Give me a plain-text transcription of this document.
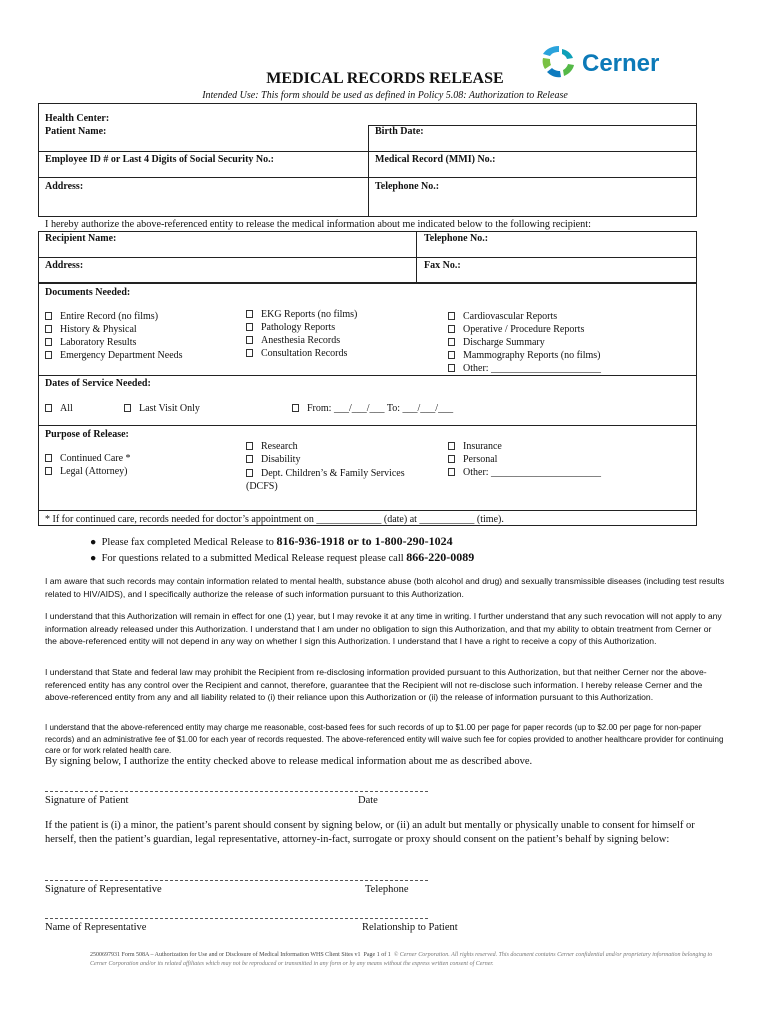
Cerner
MEDICAL RECORDS RELEASE
Intended Use: This form should be used as defined in Policy 5.08: Authorization to Release
Health Center:
Patient Name:	Birth Date:
Employee ID # or Last 4 Digits of Social Security No.:	Medical Record (MMI) No.:
Address:	Telephone No.:
I hereby authorize the above-referenced entity to release the medical information about me indicated below to the following recipient:
Recipient Name:	Telephone No.:
Address:	Fax No.:
Documents Needed:
Entire Record (no films)
History & Physical
Laboratory Results
Emergency Department Needs
EKG Reports (no films)
Pathology Reports
Anesthesia Records
Consultation Records
Cardiovascular Reports
Operative / Procedure Reports
Discharge Summary
Mammography Reports (no films)
Other: ______________________
Dates of Service Needed:
All	Last Visit Only	From: ___/___/___ To: ___/___/___
Purpose of Release:
Continued Care *
Legal (Attorney)
Research
Disability
Dept. Children’s & Family Services (DCFS)
Insurance
Personal
Other: ______________________
* If for continued care, records needed for doctor’s appointment on _____________ (date) at ___________ (time).
●  Please fax completed Medical Release to 816-936-1918 or to 1-800-290-1024
●  For questions related to a submitted Medical Release request please call 866-220-0089
I am aware that such records may contain information related to mental health, substance abuse (both alcohol and drug) and sexually transmissible diseases (including test results related to HIV/AIDS), and I specifically authorize the release of such information pursuant to this Authorization.
I understand that this Authorization will remain in effect for one (1) year, but I may revoke it at any time in writing. I further understand that any such revocation will not apply to any information already released under this Authorization. I understand that I am under no obligation to sign this Authorization, and that my ability to obtain treatment from Cerner or the above-referenced entity will not depend in any way on whether I sign this Authorization. I understand that I have a right to receive a copy of this Authorization.
I understand that State and federal law may prohibit the Recipient from re-disclosing information provided pursuant to this Authorization, but that neither Cerner nor the above-referenced entity has any control over the Recipient and cannot, therefore, guarantee that the Recipient will not re-disclose such information. I hereby release Cerner and the above-referenced entity from any and all liability related to (i) their reliance upon this Authorization or (ii) the release of information pursuant to this Authorization.
I understand that the above-referenced entity may charge me reasonable, cost-based fees for such records of up to $1.00 per page for paper records (up to $2.00 per page for non-paper records) and an administrative fee of $1.00 for each year of records requested. The above-referenced entity will waive such fee for copies provided to another healthcare provider for continuing care or for work related health care.
By signing below, I authorize the entity checked above to release medical information about me as described above.
Signature of Patient	Date
If the patient is (i) a minor, the patient’s parent should consent by signing below, or (ii) an adult but mentally or physically unable to consent for himself or herself, then the patient’s guardian, legal representative, attorney-in-fact, surrogate or proxy should consent on the patient’s behalf by signing below:
Signature of Representative	Telephone
Name of Representative	Relationship to Patient
2500697931 Form 508A – Authorization for Use and or Disclosure of Medical Information WHS Client Sites v1 Page 1 of 1 © Cerner Corporation. All rights reserved. This document contains Cerner confidential and/or proprietary information belonging to Cerner Corporation and/or its related affiliates which may not be reproduced or transmitted in any form or by any means without the express written consent of Cerner.
